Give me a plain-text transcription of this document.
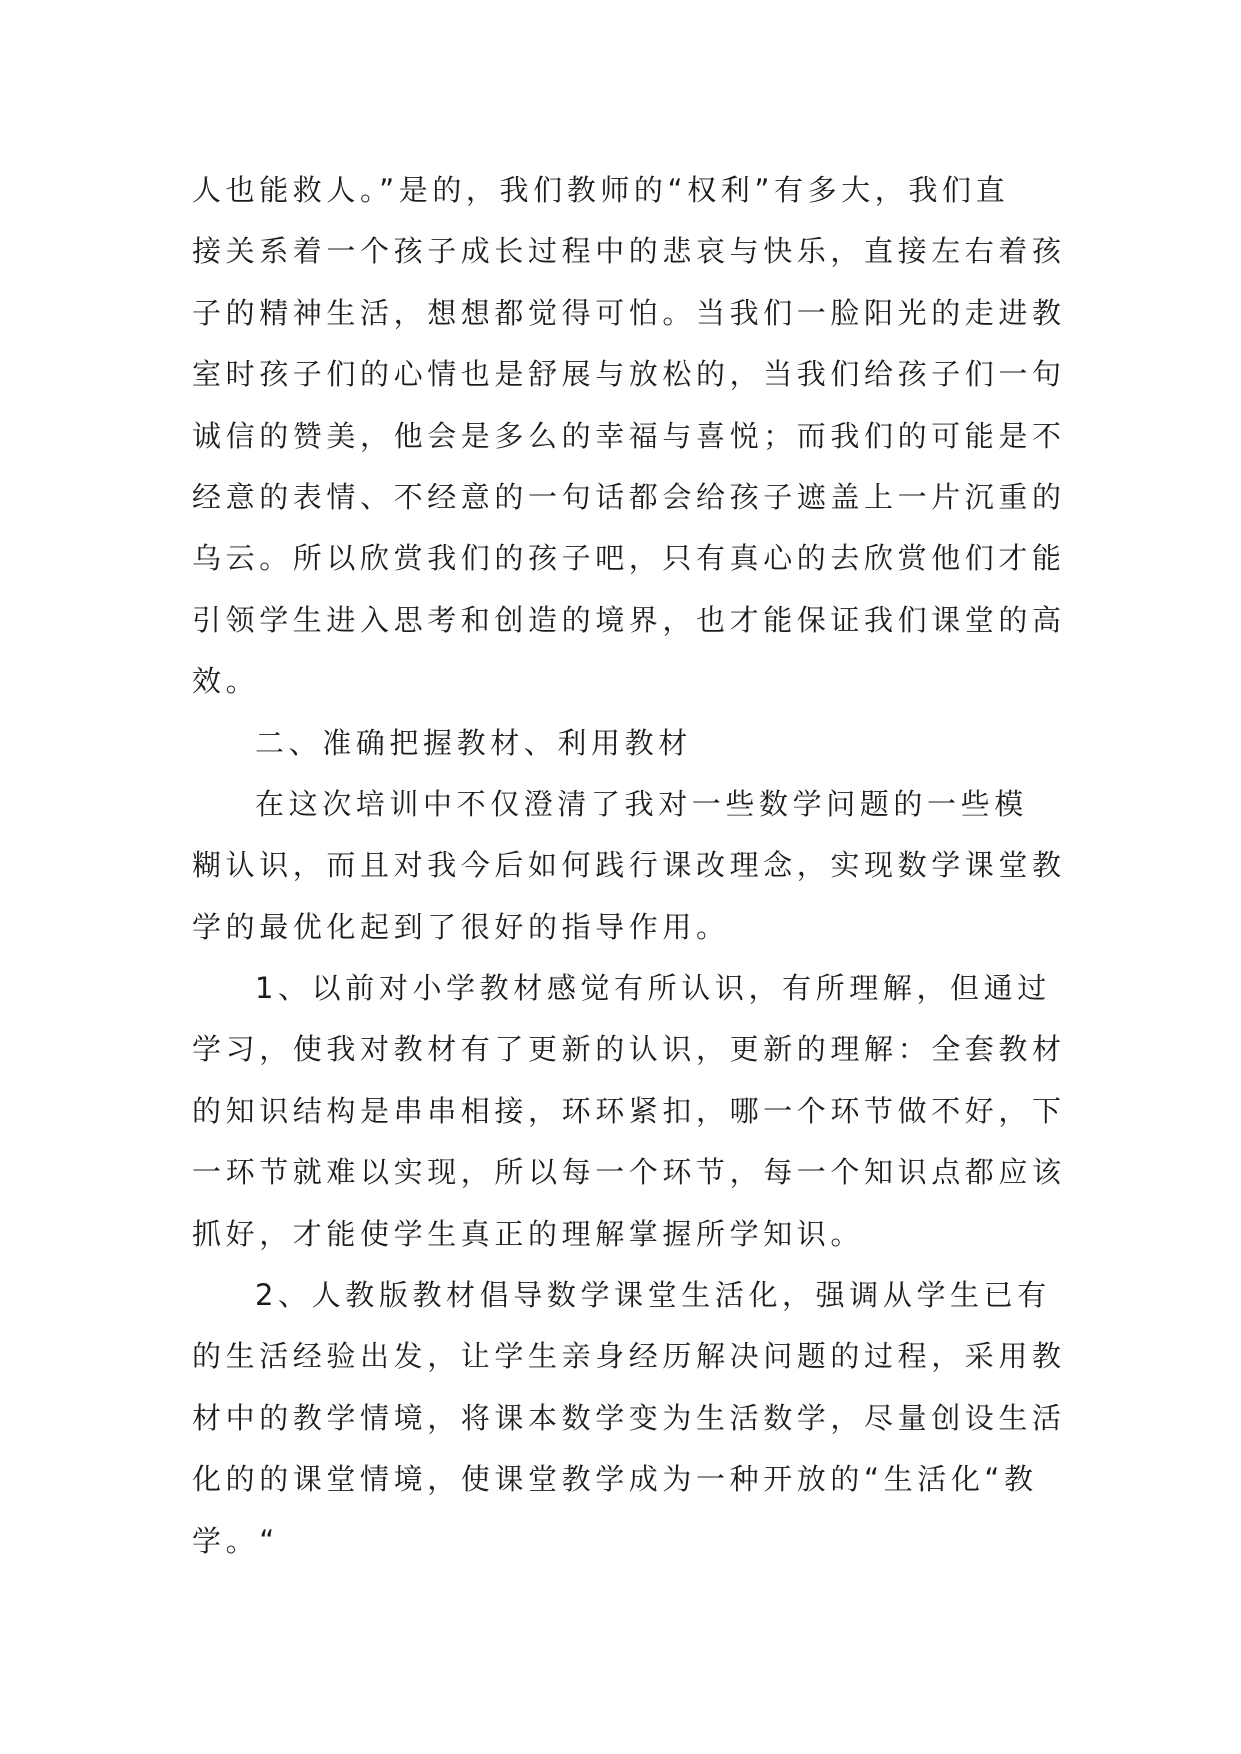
人也能救人。”是的，我们教师的“权利”有多大，我们直
接关系着一个孩子成长过程中的悲哀与快乐，直接左右着孩
子的精神生活，想想都觉得可怕。当我们一脸阳光的走进教
室时孩子们的心情也是舒展与放松的，当我们给孩子们一句
诚信的赞美，他会是多么的幸福与喜悦；而我们的可能是不
经意的表情、不经意的一句话都会给孩子遮盖上一片沉重的
乌云。所以欣赏我们的孩子吧，只有真心的去欣赏他们才能
引领学生进入思考和创造的境界，也才能保证我们课堂的高
效。
二、准确把握教材、利用教材
在这次培训中不仅澄清了我对一些数学问题的一些模
糊认识，而且对我今后如何践行课改理念，实现数学课堂教
学的最优化起到了很好的指导作用。
1、以前对小学教材感觉有所认识，有所理解，但通过
学习，使我对教材有了更新的认识，更新的理解：全套教材
的知识结构是串串相接，环环紧扣，哪一个环节做不好，下
一环节就难以实现，所以每一个环节，每一个知识点都应该
抓好，才能使学生真正的理解掌握所学知识。
2、人教版教材倡导数学课堂生活化，强调从学生已有
的生活经验出发，让学生亲身经历解决问题的过程，采用教
材中的教学情境，将课本数学变为生活数学，尽量创设生活
化的的课堂情境，使课堂教学成为一种开放的“生活化“教
学。“
